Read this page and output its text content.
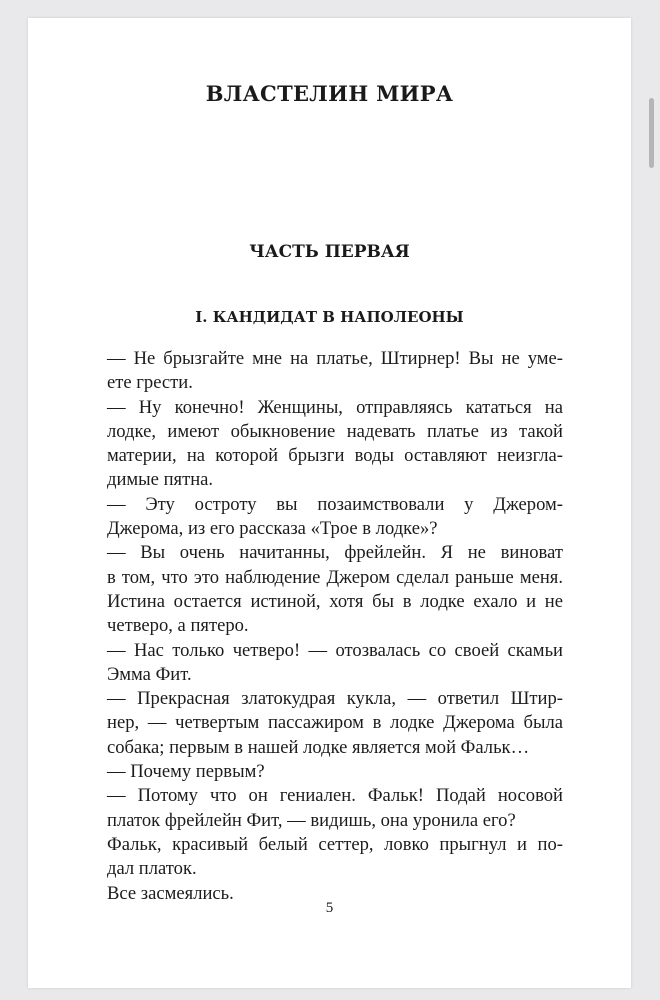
ВЛАСТЕЛИН МИРА
ЧАСТЬ ПЕРВАЯ
I. КАНДИДАТ В НАПОЛЕОНЫ

— Не брызгайте мне на платье, Штирнер! Вы не уме-
ете грести.

— Ну конечно! Женщины, отправляясь кататься на
лодке, имеют обыкновение надевать платье из такой
материи, на которой брызги воды оставляют неизгла-
димые пятна.

— Эту остроту вы позаимствовали у Джером-
Джерома, из его рассказа «Трое в лодке»?

— Вы очень начитанны, фрейлейн. Я не виноват
в том, что это наблюдение Джером сделал раньше меня.
Истина остается истиной, хотя бы в лодке ехало и не
четверо, а пятеро.

— Нас только четверо! — отозвалась со своей скамьи
Эмма Фит.

— Прекрасная златокудрая кукла, — ответил Штир-
нер, — четвертым пассажиром в лодке Джерома была
собака; первым в нашей лодке является мой Фальк…

— Почему первым?

— Потому что он гениален. Фальк! Подай носовой
платок фрейлейн Фит, — видишь, она уронила его?

Фальк, красивый белый сеттер, ловко прыгнул и по-
дал платок.

Все засмеялись.

5
